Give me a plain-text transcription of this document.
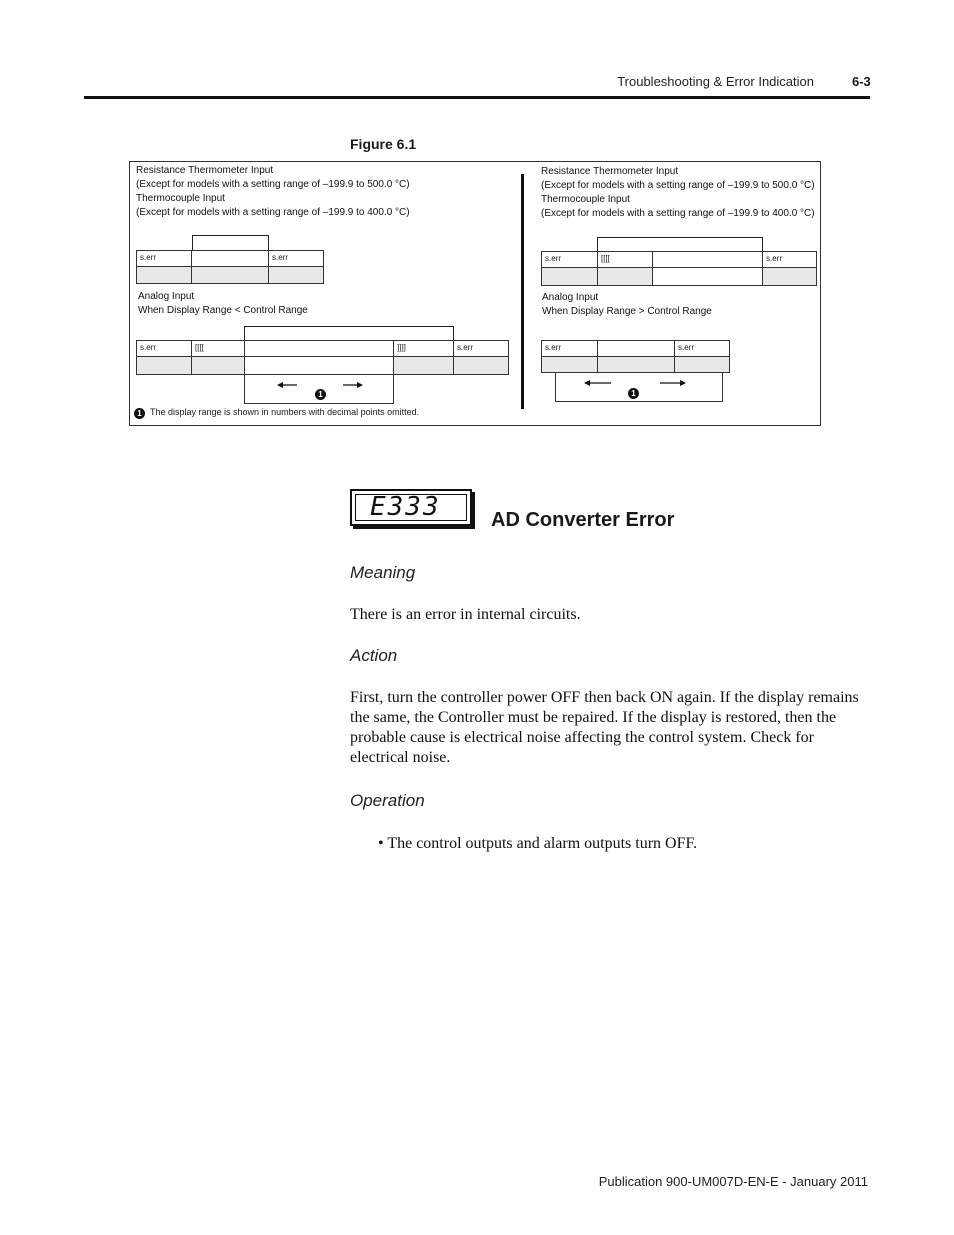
Troubleshooting & Error Indication	6-3
Figure 6.1
Resistance Thermometer Input
(Except for models with a setting range of –199.9 to 500.0 °C)
Thermocouple Input
(Except for models with a setting range of –199.9 to 400.0 °C)
s.err	s.err
Analog Input
When Display Range < Control Range
s.err	[[[[	]]]]	s.err
1
Resistance Thermometer Input
(Except for models with a setting range of –199.9 to 500.0 °C)
Thermocouple Input
(Except for models with a setting range of –199.9 to 400.0 °C)
s.err	[[[[	s.err
Analog Input
When Display Range > Control Range
s.err	s.err
1
1 The display range is shown in numbers with decimal points omitted.
E333	AD Converter Error
Meaning
There is an error in internal circuits.
Action
First, turn the controller power OFF then back ON again. If the display remains the same, the Controller must be repaired. If the display is restored, then the probable cause is electrical noise affecting the control system. Check for electrical noise.
Operation
• The control outputs and alarm outputs turn OFF.
Publication 900-UM007D-EN-E - January 2011
